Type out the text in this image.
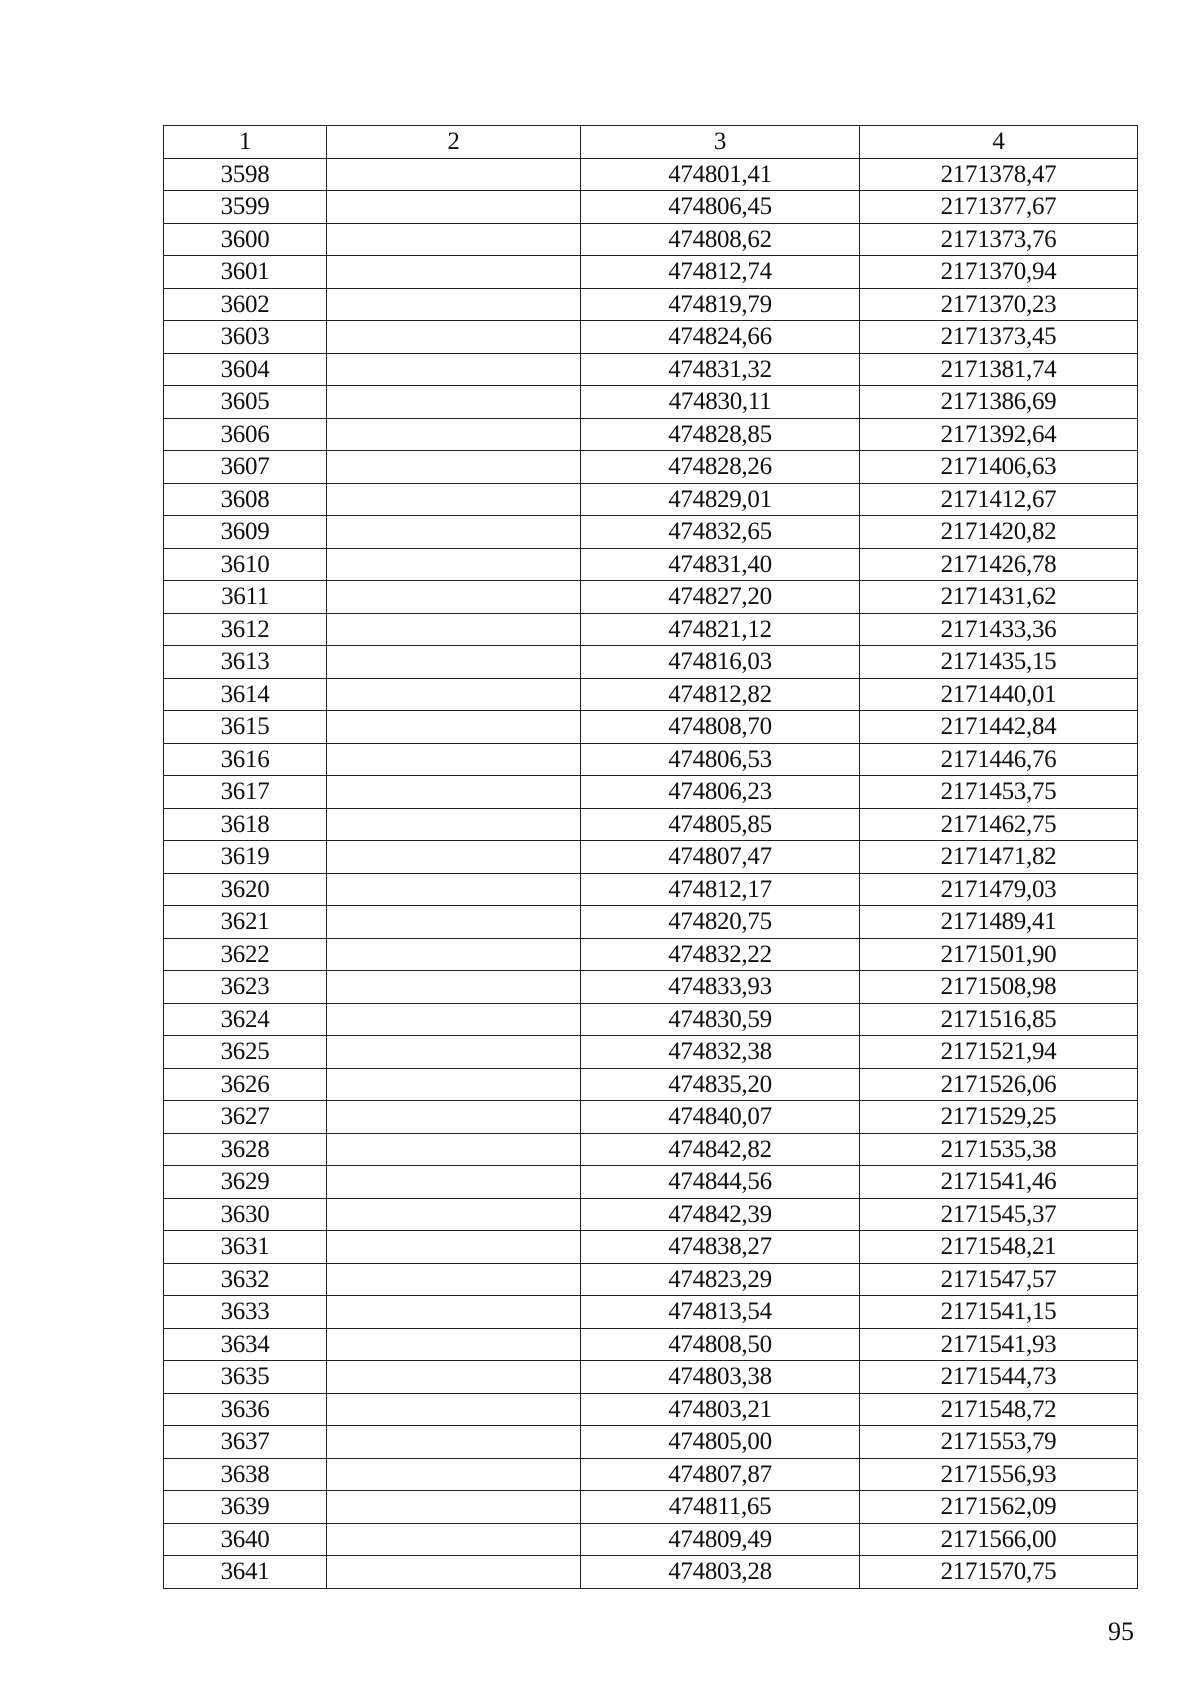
1	2	3	4
3598		474801,41	2171378,47
3599		474806,45	2171377,67
3600		474808,62	2171373,76
3601		474812,74	2171370,94
3602		474819,79	2171370,23
3603		474824,66	2171373,45
3604		474831,32	2171381,74
3605		474830,11	2171386,69
3606		474828,85	2171392,64
3607		474828,26	2171406,63
3608		474829,01	2171412,67
3609		474832,65	2171420,82
3610		474831,40	2171426,78
3611		474827,20	2171431,62
3612		474821,12	2171433,36
3613		474816,03	2171435,15
3614		474812,82	2171440,01
3615		474808,70	2171442,84
3616		474806,53	2171446,76
3617		474806,23	2171453,75
3618		474805,85	2171462,75
3619		474807,47	2171471,82
3620		474812,17	2171479,03
3621		474820,75	2171489,41
3622		474832,22	2171501,90
3623		474833,93	2171508,98
3624		474830,59	2171516,85
3625		474832,38	2171521,94
3626		474835,20	2171526,06
3627		474840,07	2171529,25
3628		474842,82	2171535,38
3629		474844,56	2171541,46
3630		474842,39	2171545,37
3631		474838,27	2171548,21
3632		474823,29	2171547,57
3633		474813,54	2171541,15
3634		474808,50	2171541,93
3635		474803,38	2171544,73
3636		474803,21	2171548,72
3637		474805,00	2171553,79
3638		474807,87	2171556,93
3639		474811,65	2171562,09
3640		474809,49	2171566,00
3641		474803,28	2171570,75
95
